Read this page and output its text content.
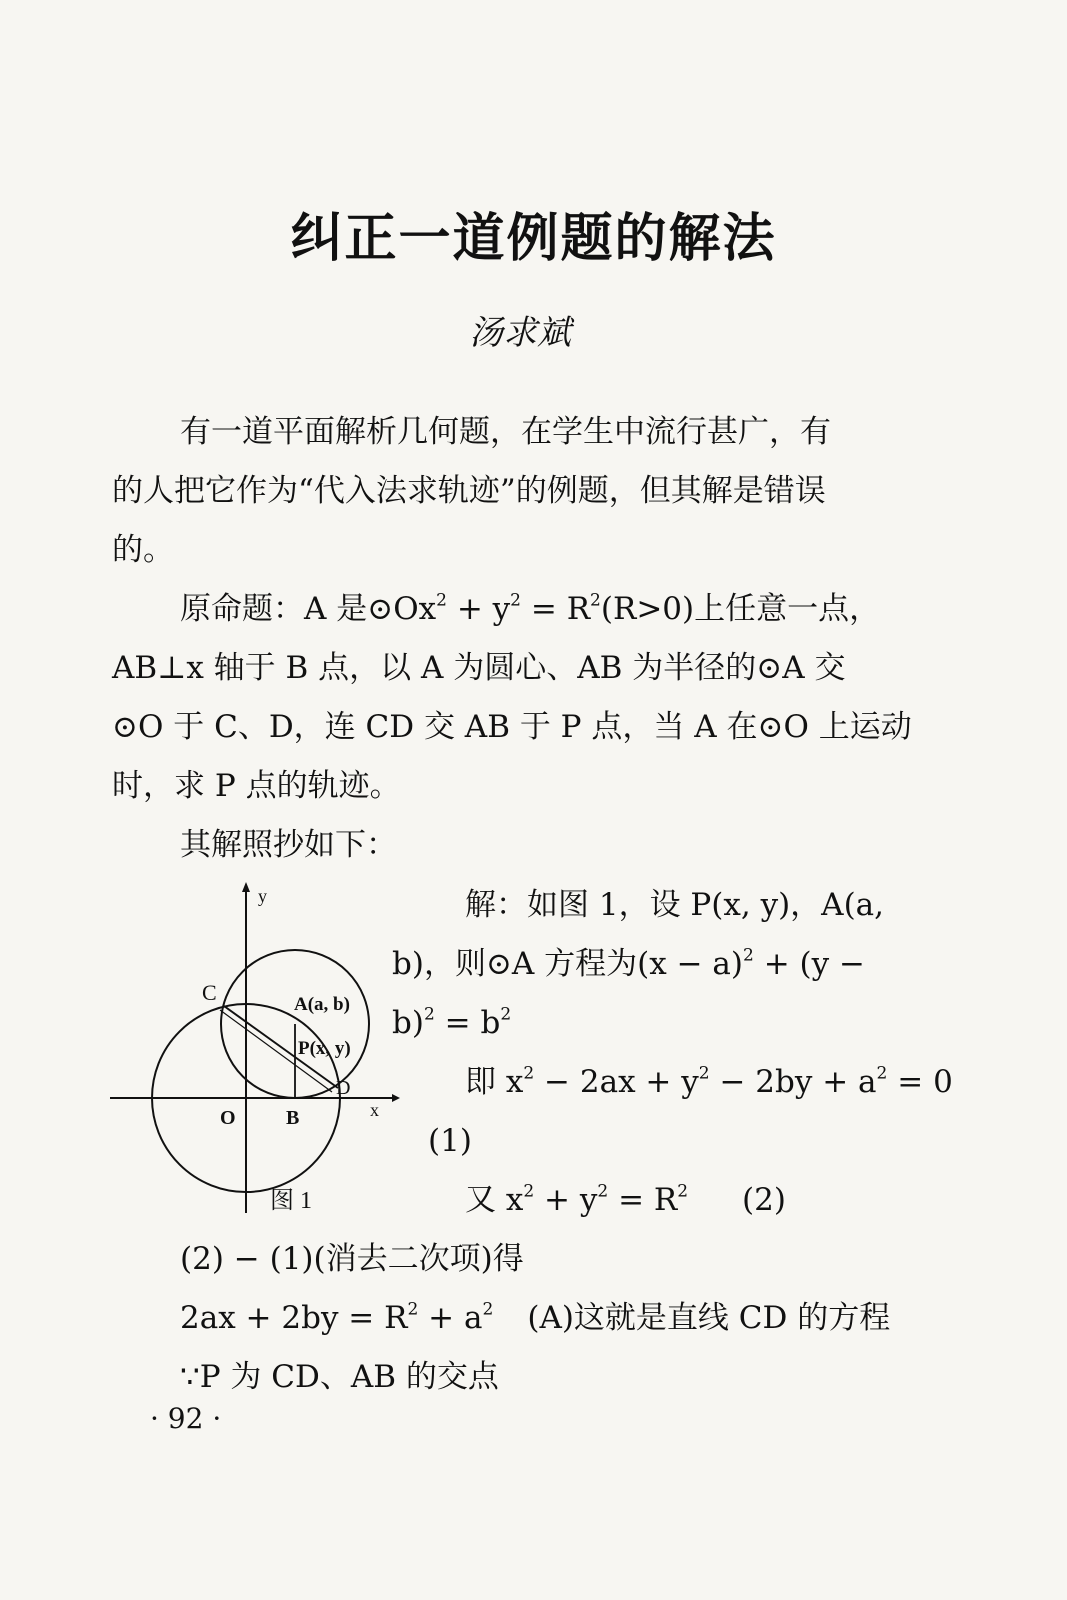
纠正一道例题的解法
汤求斌
有一道平面解析几何题，在学生中流行甚广，有
的人把它作为“代入法求轨迹”的例题，但其解是错误
的。
原命题：A 是$⊙Ox^2 + y^2 = R^2(R>0)$上任意一点，
AB⊥x 轴于 B 点，以 A 为圆心、AB 为半径的⊙A 交
⊙O 于 C、D，连 CD 交 AB 于 P 点，当 A 在⊙O 上运动
时，求 P 点的轨迹。
其解照抄如下：
C	A(a, b)
P(x, y)
D
O	B	x
y
图 1
解：如图 1，设 P(x, y)，A(a,
b)，则⊙A 方程为$(x - a)^2 + (y$ −
$b)^2 = b^2$
即 $x^2 - 2ax + y^2 - 2by + a^2 = 0$
(1)
又 $x^2 + y^2 = R^2$ (2)
(2) − (1)(消去二次项)得
$2ax + 2by = R^2 + a^2$ (A)这就是直线 CD 的方程
∵P 为 CD、AB 的交点
· 92 ·
